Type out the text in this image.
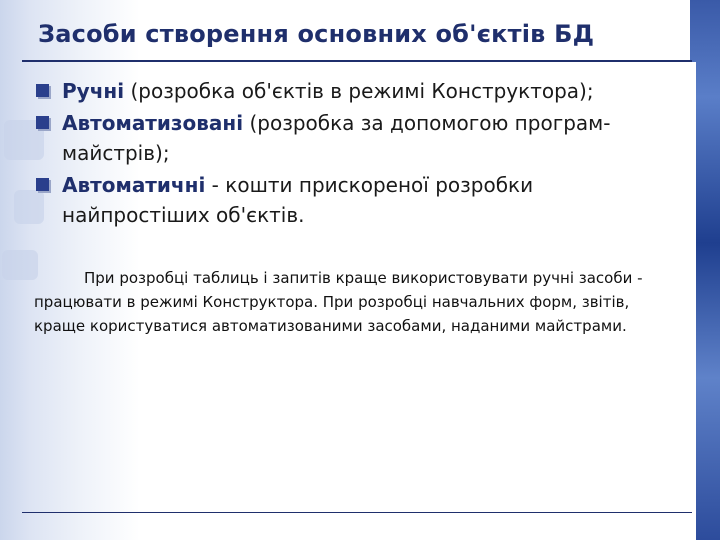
Засоби створення основних об'єктів БД
Ручні (розробка об'єктів в режимі Конструктора);
Автоматизовані (розробка за допомогою програм-майстрів);
Автоматичні - кошти прискореної розробки найпростіших об'єктів.
При розробці таблиць і запитів краще використовувати ручні засоби - працювати в режимі Конструктора. При розробці навчальних форм, звітів, краще користуватися автоматизованими засобами, наданими майстрами.
